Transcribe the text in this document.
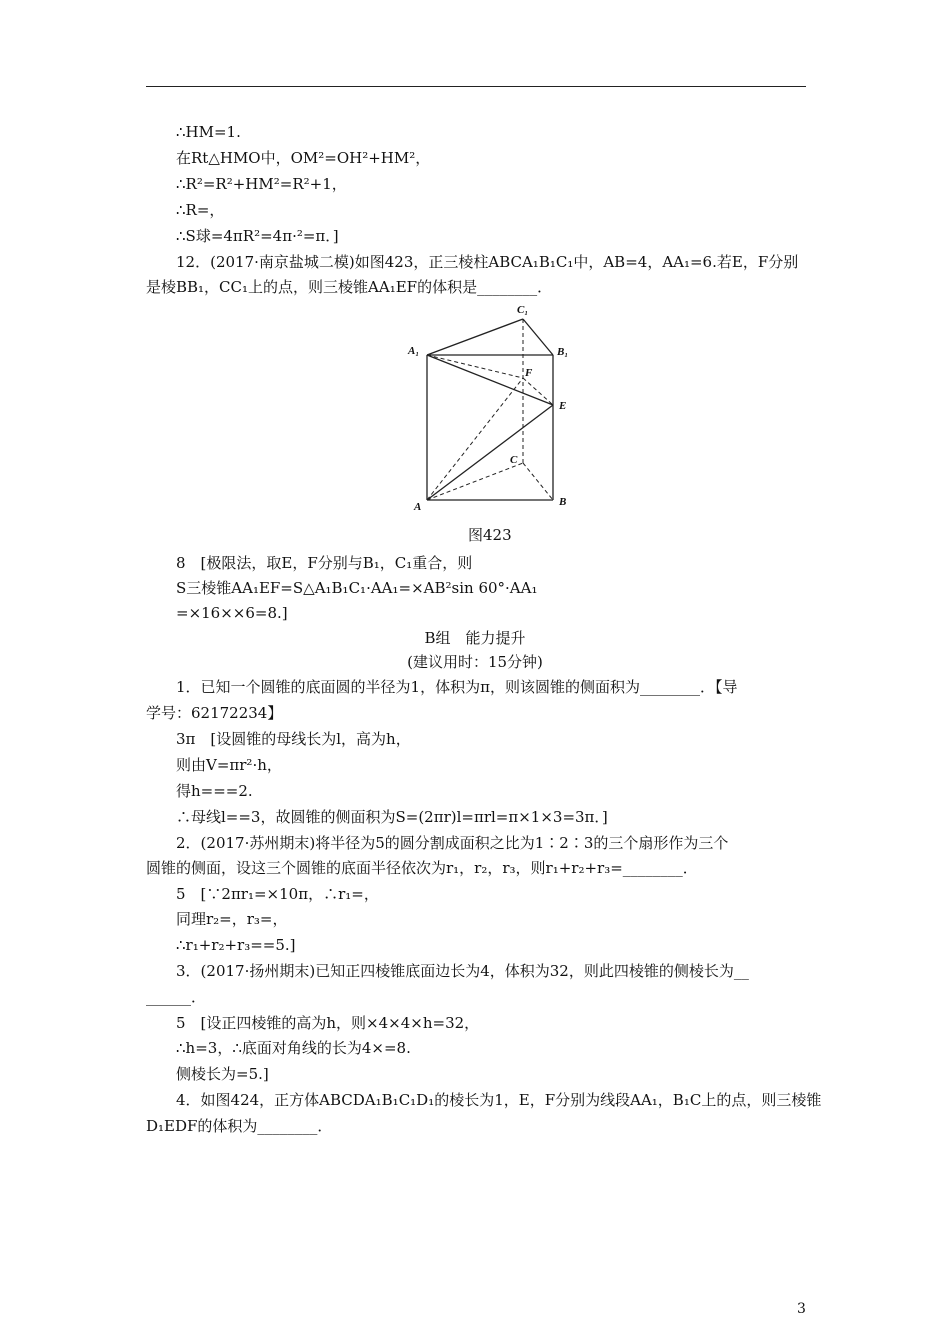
∴HM=1.
在Rt△HMO中，OM²=OH²+HM²，
∴R²=R²+HM²=R²+1，
∴R=，
∴S球=4πR²=4π·²=π．]
12．(2017·南京盐城二模)如图423，正三棱柱ABCA₁B₁C₁中，AB=4，AA₁=6.若E，F分别
是棱BB₁，CC₁上的点，则三棱锥AA₁EF的体积是________．
8　[极限法，取E，F分别与B₁，C₁重合，则
S三棱锥AA₁EF=S△A₁B₁C₁·AA₁=×AB²sin 60°·AA₁
=×16××6=8.]
1．已知一个圆锥的底面圆的半径为1，体积为π，则该圆锥的侧面积为________．【导
学号：62172234】
3π　[设圆锥的母线长为l，高为h，
则由V=πr²·h，
得h===2.
∴母线l==3，故圆锥的侧面积为S=(2πr)l=πrl=π×1×3=3π．]
2．(2017·苏州期末)将半径为5的圆分割成面积之比为1∶2∶3的三个扇形作为三个
圆锥的侧面，设这三个圆锥的底面半径依次为r₁，r₂，r₃，则r₁+r₂+r₃=________．
5　[∵2πr₁=×10π，∴r₁=，
同理r₂=，r₃=，
∴r₁+r₂+r₃==5.]
3．(2017·扬州期末)已知正四棱锥底面边长为4，体积为32，则此四棱锥的侧棱长为__
______．
5　[设正四棱锥的高为h，则×4×4×h=32，
∴h=3，∴底面对角线的长为4×=8.
侧棱长为=5.]
4．如图424，正方体ABCDA₁B₁C₁D₁的棱长为1，E，F分别为线段AA₁，B₁C上的点，则三棱锥
D₁EDF的体积为________．
B组　能力提升
(建议用时：15分钟)
C₁
A₁	B₁
F
E
C
A	B
图423
3
